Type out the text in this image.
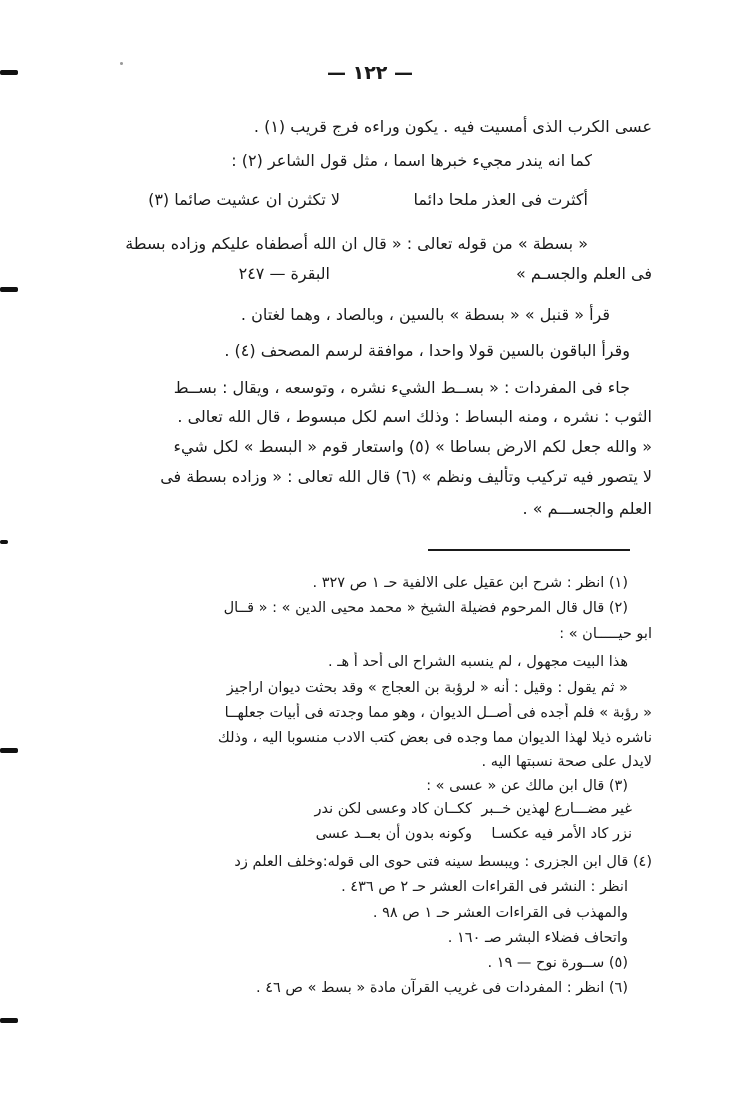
— ١٢٢ —
عسى الكرب الذى أمسيت فيه . يكون وراءه فرج قريب (١) .
كما انه يندر مجيء خبرها اسما ، مثل قول الشاعر (٢) :
أكثرت فى العذر ملحا دائما
لا تكثرن ان عشيت صائما (٣)
« بسطة » من قوله تعالى : « قال ان الله أصطفاه عليكم وزاده بسطة
فى العلم والجسـم »
البقرة — ٢٤٧
قرأ « قنبل » « بسطة » بالسين ، وبالصاد ، وهما لغتان .
وقرأ الباقون بالسين قولا واحدا ، موافقة لرسم المصحف (٤) .
جاء فى المفردات : « بســط الشيء نشره ، وتوسعه ، ويقال : بســط
الثوب : نشره ، ومنه البساط : وذلك اسم لكل مبسوط ، قال الله تعالى .
« والله جعل لكم الارض بساطا » (٥) واستعار قوم « البسط » لكل شيء
لا يتصور فيه تركيب وتأليف ونظم » (٦) قال الله تعالى : « وزاده بسطة فى
العلم والجســـم » .
(١) انظر : شرح ابن عقيل على الالفية حـ ١ ص ٣٢٧ .
(٢) قال قال المرحوم فضيلة الشيخ « محمد محيى الدين » : « قــال
ابو حيـــــان » :
هذا البيت مجهول ، لم ينسبه الشراح الى أحد أ هـ .
« ثم يقول : وقيل : أنه « لرؤبة بن العجاج » وقد بحثت ديوان اراجيز
« رؤبة » فلم أجده فى أصــل الديوان ، وهو مما وجدته فى أبيات جعلهــا
ناشره ذيلا لهذا الديوان مما وجده فى بعض كتب الادب منسوبا اليه ، وذلك
لايدل على صحة نسبتها اليه .
(٣) قال ابن مالك عن « عسى » :
ككــان كاد وعسى لكن ندر غير مضـــارع لهذين خــبر
وكونه بدون أن بعــد عسى نزر كاد الأمر فيه عكسـا
(٤) قال ابن الجزرى : ويبسط سينه فتى حوى الى قوله:وخلف العلم زد
انظر : النشر فى القراءات العشر حـ ٢ ص ٤٣٦ .
والمهذب فى القراءات العشر حـ ١ ص ٩٨ .
واتحاف فضلاء البشر صـ ١٦٠ .
(٥) ســورة نوح — ١٩ .
(٦) انظر : المفردات فى غريب القرآن مادة « بسط » ص ٤٦ .
